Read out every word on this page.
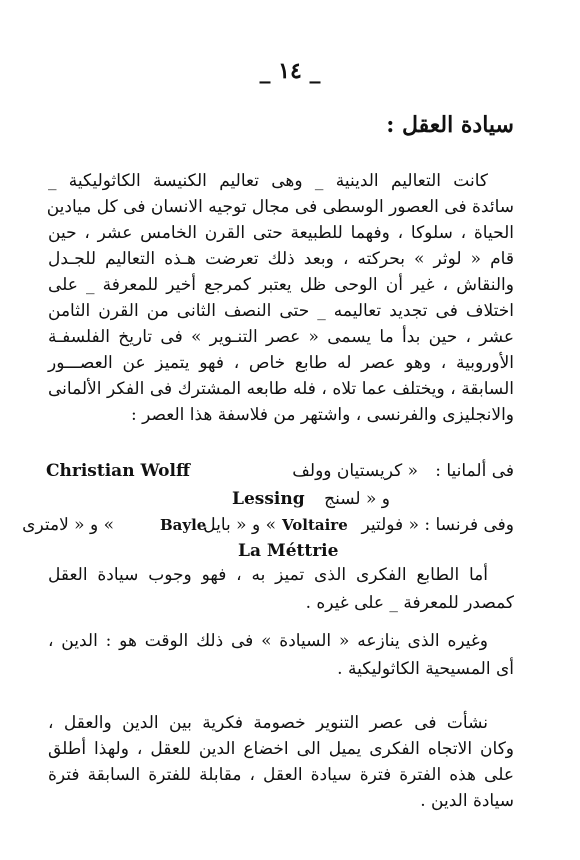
_ ١٤ _
سيادة العقل :
كانت التعاليم الدينية _ وهى تعاليم الكنيسة الكاثوليكية _
سائدة فى العصور الوسطى فى مجال توجيه الانسان فى كل ميادين
الحياة ، سلوكا ، وفهما للطبيعة حتى القرن الخامس عشر ، حين
قام « لوثر » بحركته ، وبعد ذلك تعرضت هـذه التعاليم للجـدل
والنقاش ، غير أن الوحى ظل يعتبر كمرجع أخير للمعرفة _ على
اختلاف فى تجديد تعاليمه _ حتى النصف الثانى من القرن الثامن
عشر ، حين بدأ ما يسمى « عصر التنـوير » فى تاريخ الفلسفـة
الأوروبية ، وهو عصر له طابع خاص ، فهو يتميز عن العصـــور
السابقة ، ويختلف عما تلاه ، فله طابعه المشترك فى الفكر الألمانى
والانجليزى والفرنسى ، واشتهر من فلاسفة هذا العصر :
فى ألمانيا :
« كريستيان وولف
Christian Wolff
و « لسنج
Lessing
وفى فرنسا : « فولتير
Voltaire
» و « بايل
Bayle
» و « لامترى
La Méttrie
أما الطابع الفكرى الذى تميز به ، فهو وجوب سيادة العقل
كمصدر للمعرفة _ على غيره .
وغيره الذى ينازعه « السيادة » فى ذلك الوقت هو : الدين ،
أى المسيحية الكاثوليكية .
نشأت فى عصر التنوير خصومة فكرية بين الدين والعقل ،
وكان الاتجاه الفكرى يميل الى اخضاع الدين للعقل ، ولهذا أطلق
على هذه الفترة فترة سيادة العقل ، مقابلة للفترة السابقة فترة
سيادة الدين .
